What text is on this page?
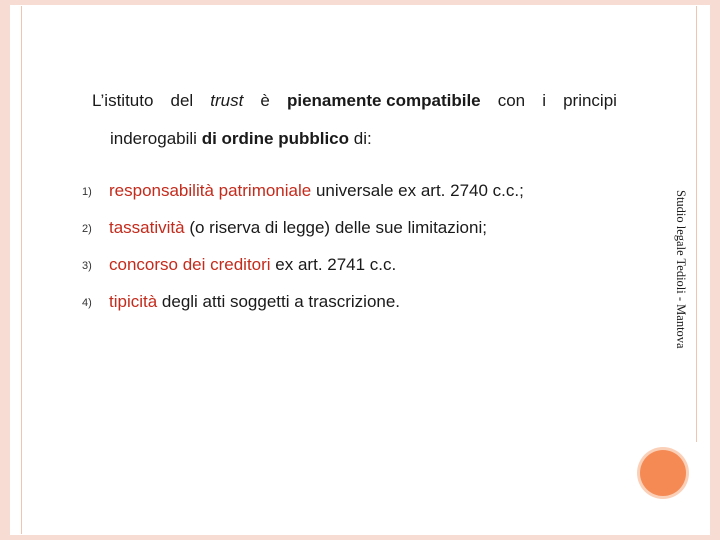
L’istituto del trust è pienamente compatibile con i principi
inderogabili di ordine pubblico di:
1) responsabilità patrimoniale universale ex art. 2740 c.c.;
2) tassatività (o riserva di legge) delle sue limitazioni;
3) concorso dei creditori ex art. 2741 c.c.
4) tipicità degli atti soggetti a trascrizione.	Studio legale Tedioli - Mantova
